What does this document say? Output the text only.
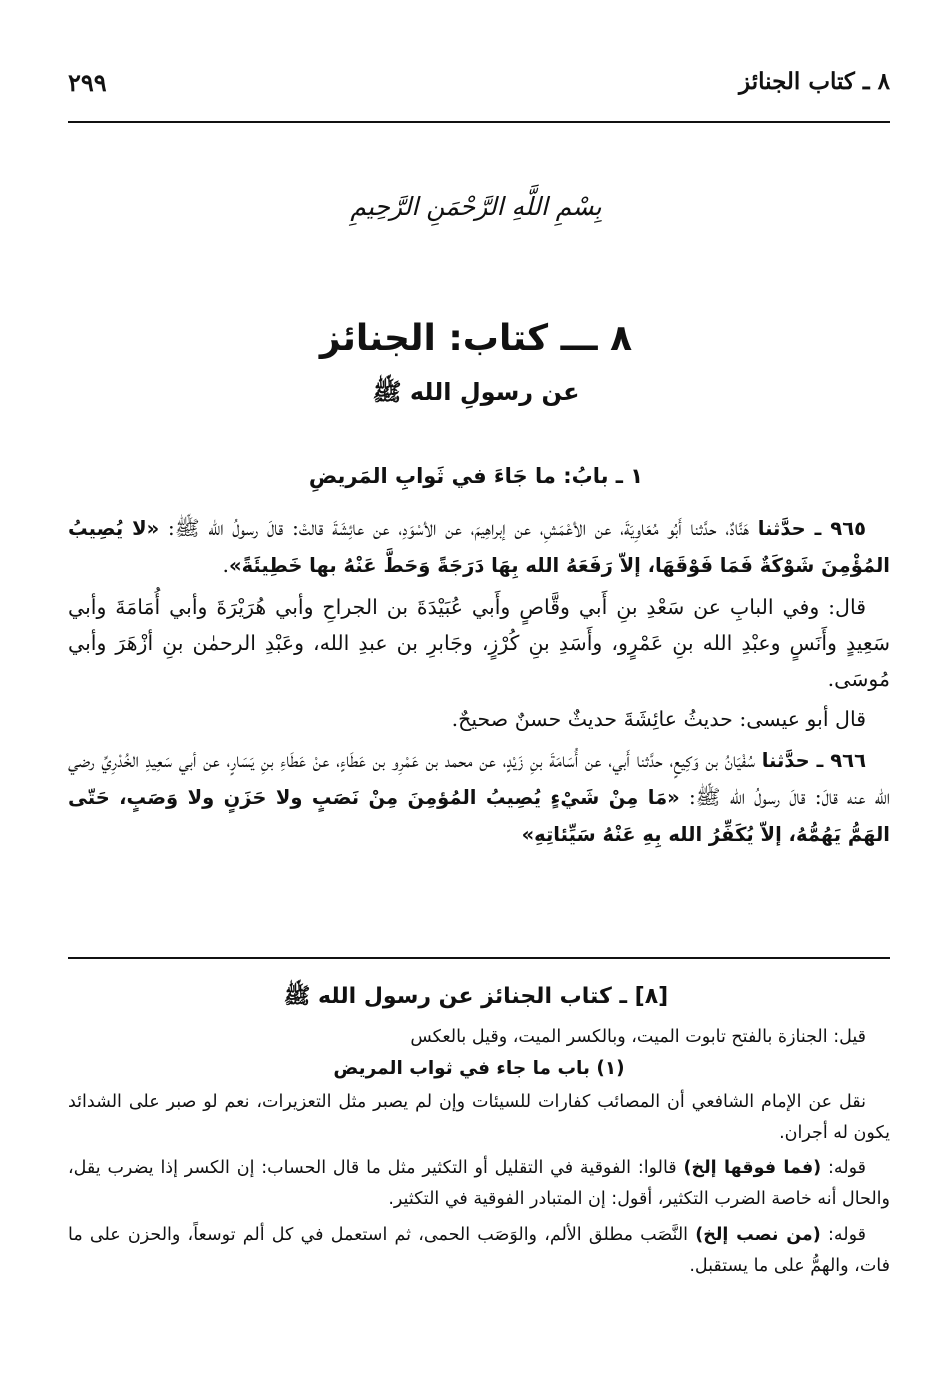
٨ ـ كتاب الجنائز
٢٩٩
بِسْمِ اللَّهِ الرَّحْمَنِ الرَّحِيمِ
٨ ـــ كتاب: الجنائز
عن رسولِ الله ﷺ
١ ـ بابُ: ما جَاءَ في ثَوابِ المَريضِ

٩٦٥ ـ حدَّثنا هَنَّادٌ، حدَّثنا أَبُو مُعَاوِيَةَ، عن الأعْمَشِ، عن إبراهِيمَ، عن الأسْوَدِ، عن عائِشَةَ قالتْ: قالَ رسولُ الله ﷺ: «لا يُصِيبُ المُؤْمِنَ شَوْكَةٌ فَمَا فَوْقَهَا، إلاّ رَفَعَهُ الله بِهَا دَرَجَةً وَحَطَّ عَنْهُ بها خَطِيئَةً».

قال: وفي البابِ عن سَعْدِ بنِ أَبي وقَّاصٍ وأَبي عُبَيْدَةَ بن الجراحِ وأبي هُرَيْرَةَ وأبي أُمَامَةَ وأبي سَعِيدٍ وأَنَسٍ وعبْدِ الله بنِ عَمْرٍو، وأَسَدِ بنِ كُرْزٍ، وجَابرِ بن عبدِ الله، وعَبْدِ الرحمٰن بنِ أزْهَرَ وأبي مُوسَى.

قال أبو عيسى: حديثُ عائِشَةَ حديثٌ حسنٌ صحيحٌ.

٩٦٦ ـ حدَّثنا سُفْيَانُ بن وَكِيعٍ، حدَّثنا أَبي، عن أُسَامَةَ بنِ زَيْدٍ، عن محمد بن عَمْرِو بن عَطَاءٍ، عنْ عَطَاءِ بنِ يَسَارٍ، عن أبي سَعِيدِ الخُدْرِيِّ رضي الله عنه قالَ: قالَ رسولُ الله ﷺ: «مَا مِنْ شَيْءٍ يُصِيبُ المُؤمِنَ مِنْ نَصَبٍ ولا حَزَنٍ ولا وَصَبٍ، حَتّى الهَمُّ يَهُمُّهُ، إلاّ يُكَفِّرُ الله بِهِ عَنْهُ سَيِّئاتِهِ»

[٨] ـ كتاب الجنائز عن رسول الله ﷺ

قيل: الجنازة بالفتح تابوت الميت، وبالكسر الميت، وقيل بالعكس

(١) باب ما جاء في ثواب المريض

نقل عن الإمام الشافعي أن المصائب كفارات للسيئات وإن لم يصبر مثل التعزيرات، نعم لو صبر على الشدائد يكون له أجران.

قوله: (فما فوقها إلخ) قالوا: الفوقية في التقليل أو التكثير مثل ما قال الحساب: إن الكسر إذا يضرب يقل، والحال أنه خاصة الضرب التكثير، أقول: إن المتبادر الفوقية في التكثير.

قوله: (من نصب إلخ) النَّصَب مطلق الألم، والوَصَب الحمى، ثم استعمل في كل ألم توسعاً، والحزن على ما فات، والهمُّ على ما يستقبل.
